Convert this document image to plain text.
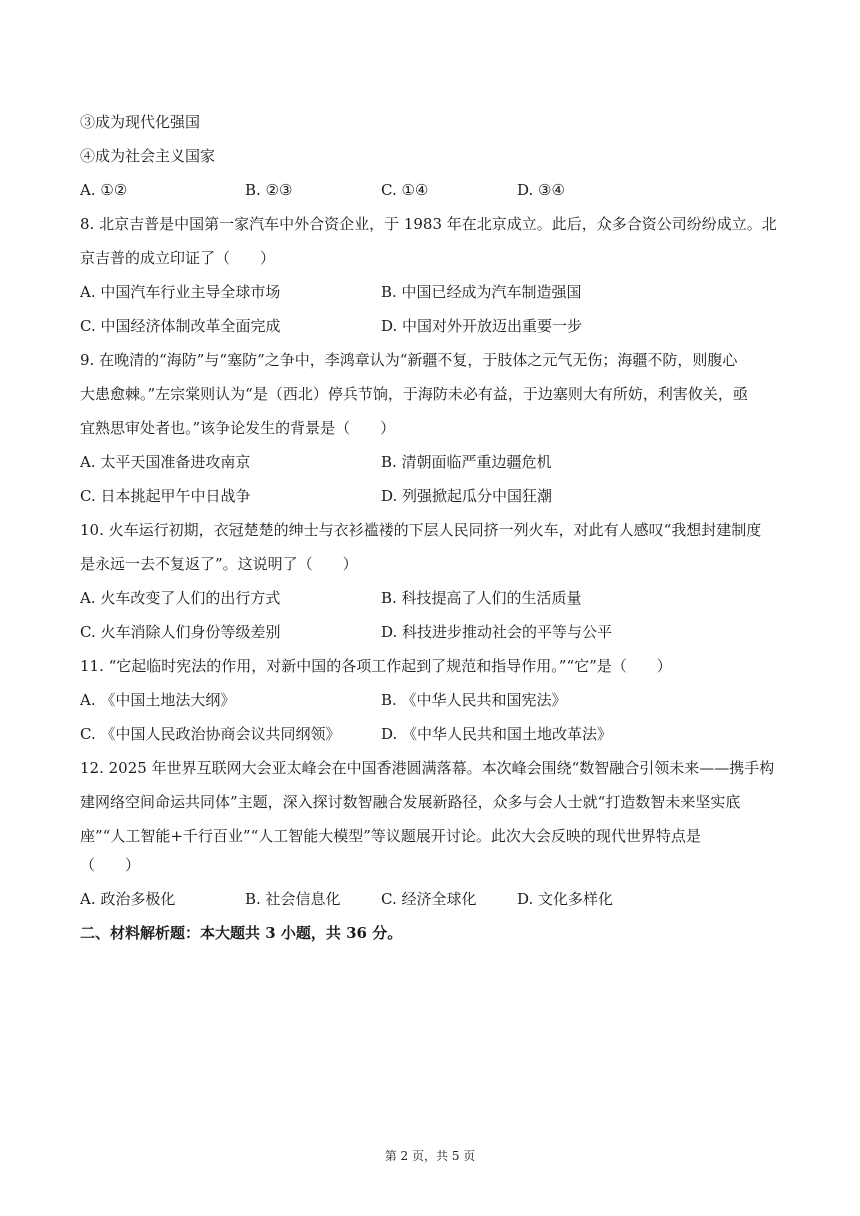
③成为现代化强国
④成为社会主义国家
A. ①②	B. ②③	C. ①④	D. ③④
8. 北京吉普是中国第一家汽车中外合资企业，于 1983 年在北京成立。此后，众多合资公司纷纷成立。北
京吉普的成立印证了（　　）
A. 中国汽车行业主导全球市场	B. 中国已经成为汽车制造强国
C. 中国经济体制改革全面完成	D. 中国对外开放迈出重要一步
9. 在晚清的“海防”与“塞防”之争中，李鸿章认为“新疆不复，于肢体之元气无伤；海疆不防，则腹心
大患愈棘。”左宗棠则认为“是（西北）停兵节饷，于海防未必有益，于边塞则大有所妨，利害攸关，亟
宜熟思审处者也。”该争论发生的背景是（　　）
A. 太平天国准备进攻南京	B. 清朝面临严重边疆危机
C. 日本挑起甲午中日战争	D. 列强掀起瓜分中国狂潮
10. 火车运行初期，衣冠楚楚的绅士与衣衫褴褛的下层人民同挤一列火车，对此有人感叹“我想封建制度
是永远一去不复返了”。这说明了（　　）
A. 火车改变了人们的出行方式	B. 科技提高了人们的生活质量
C. 火车消除人们身份等级差别	D. 科技进步推动社会的平等与公平
11. “它起临时宪法的作用，对新中国的各项工作起到了规范和指导作用。”“它”是（　　）
A. 《中国土地法大纲》	B. 《中华人民共和国宪法》
C. 《中国人民政治协商会议共同纲领》	D. 《中华人民共和国土地改革法》
12. 2025 年世界互联网大会亚太峰会在中国香港圆满落幕。本次峰会围绕“数智融合引领未来——携手构
建网络空间命运共同体”主题，深入探讨数智融合发展新路径，众多与会人士就“打造数智未来坚实底
座”“人工智能+千行百业”“人工智能大模型”等议题展开讨论。此次大会反映的现代世界特点是
（　　）
A. 政治多极化	B. 社会信息化	C. 经济全球化	D. 文化多样化
二、材料解析题：本大题共 3 小题，共 36 分。
第 2 页，共 5 页
